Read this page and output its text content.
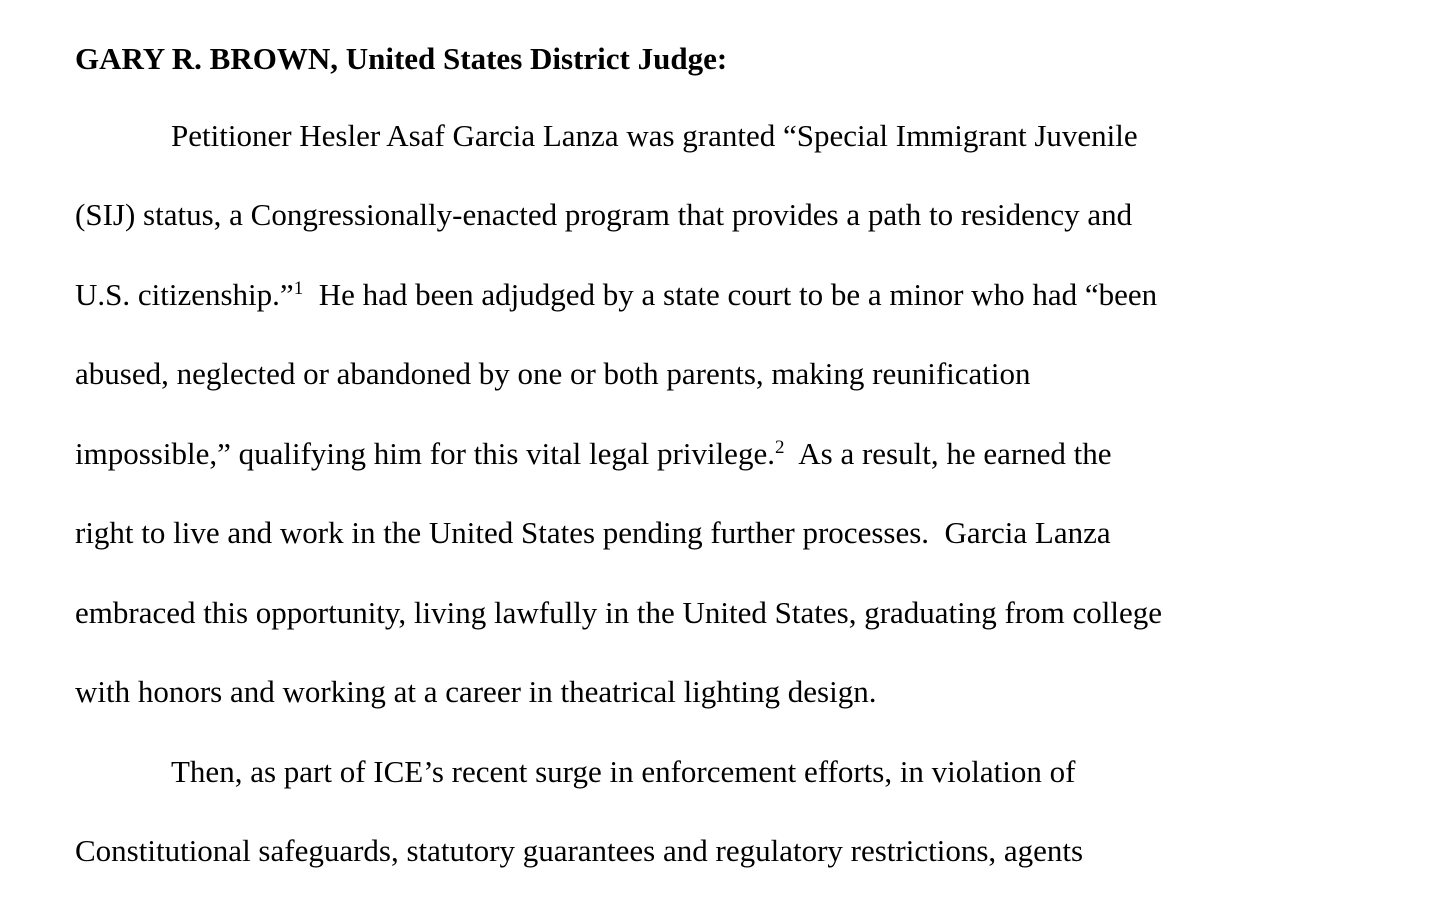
GARY R. BROWN, United States District Judge:
Petitioner Hesler Asaf Garcia Lanza was granted “Special Immigrant Juvenile
(SIJ) status, a Congressionally-enacted program that provides a path to residency and
U.S. citizenship.”$^1$  He had been adjudged by a state court to be a minor who had “been
abused, neglected or abandoned by one or both parents, making reunification
impossible,” qualifying him for this vital legal privilege.$^2$  As a result, he earned the
right to live and work in the United States pending further processes.  Garcia Lanza
embraced this opportunity, living lawfully in the United States, graduating from college
with honors and working at a career in theatrical lighting design.
Then, as part of ICE’s recent surge in enforcement efforts, in violation of
Constitutional safeguards, statutory guarantees and regulatory restrictions, agents
